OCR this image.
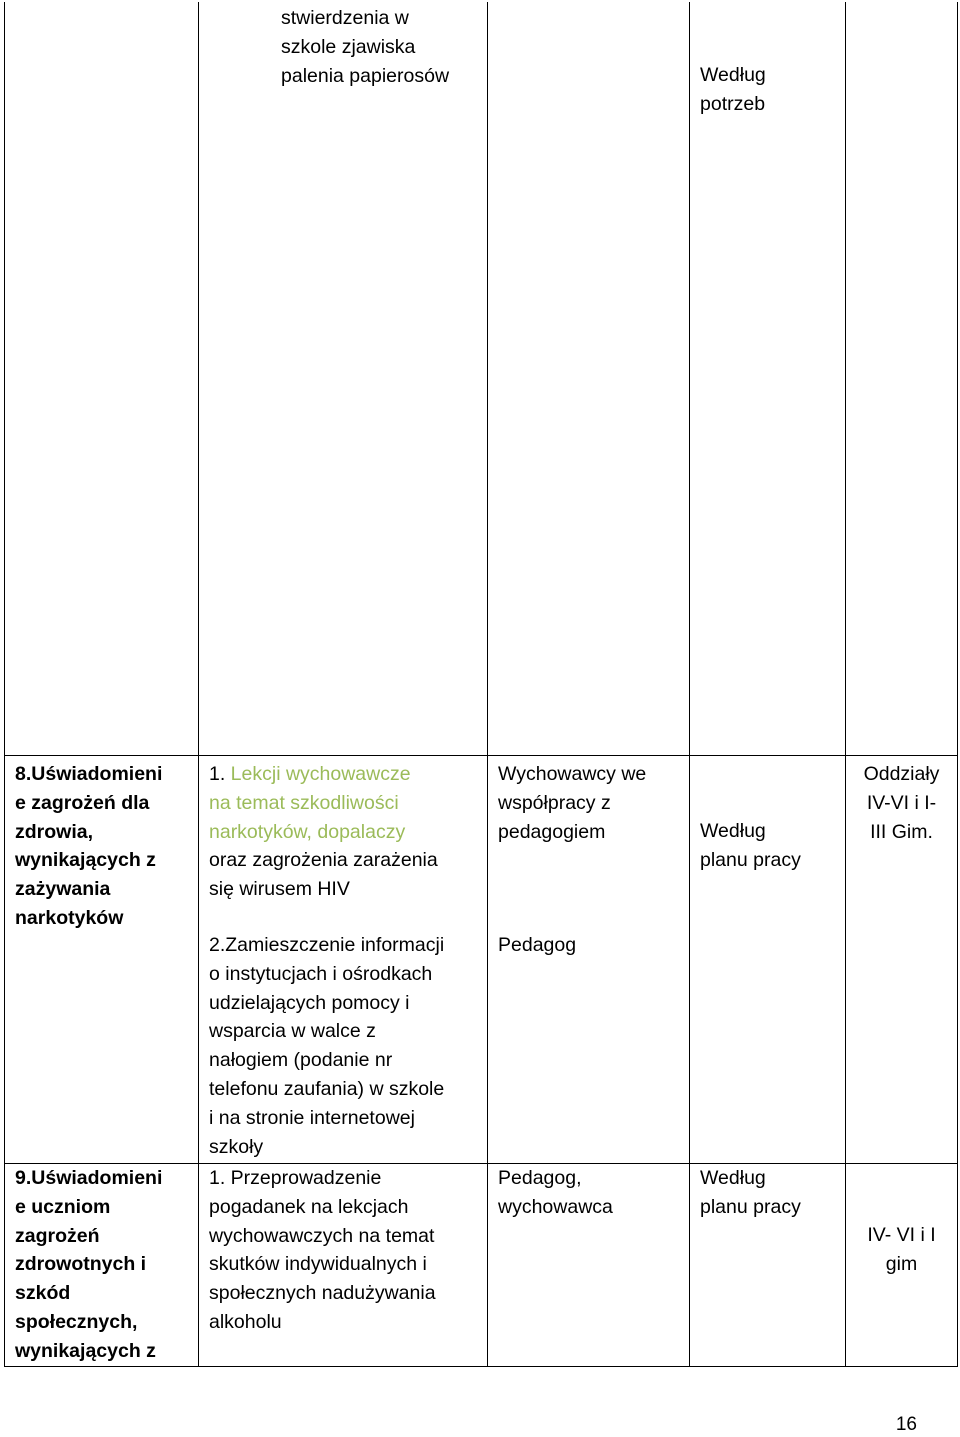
stwierdzenia w

szkole zjawiska

palenia papierosów	Według

potrzeb

8.Uświadomieni

e zagrożeń dla

zdrowia,

wynikających z

zażywania

narkotyków

1. Lekcji wychowawcze

na temat szkodliwości

narkotyków, dopalaczy

oraz zagrożenia zarażenia

się wirusem HIV

Wychowawcy we

współpracy z

pedagogiem	Według

planu pracy

Oddziały

IV-VI i I-

III Gim.

2.Zamieszczenie informacji

o instytucjach i ośrodkach

udzielających pomocy i

wsparcia w walce z

nałogiem (podanie nr

telefonu zaufania) w szkole

i na stronie internetowej

szkoły

Pedagog

9.Uświadomieni

e uczniom

zagrożeń

zdrowotnych i

szkód

społecznych,

wynikających z

1. Przeprowadzenie

pogadanek na lekcjach

wychowawczych na temat

skutków indywidualnych i

społecznych nadużywania

alkoholu

Pedagog,

wychowawca

Według

planu pracy

IV- VI i I

gim

16
